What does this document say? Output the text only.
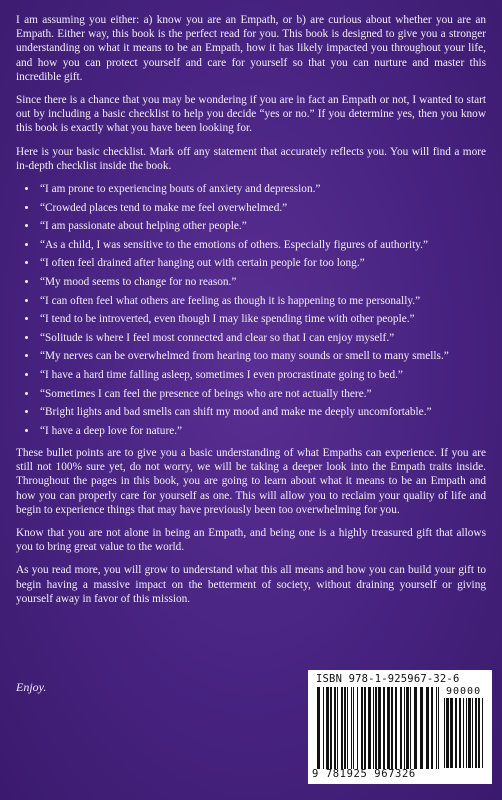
I am assuming you either: a) know you are an Empath, or b) are curious about whether you are an Empath. Either way, this book is the perfect read for you. This book is designed to give you a stronger understanding on what it means to be an Empath, how it has likely impacted you throughout your life, and how you can protect yourself and care for yourself so that you can nurture and master this incredible gift.

Since there is a chance that you may be wondering if you are in fact an Empath or not, I wanted to start out by including a basic checklist to help you decide “yes or no.” If you determine yes, then you know this book is exactly what you have been looking for.

Here is your basic checklist. Mark off any statement that accurately reflects you. You will find a more in-depth checklist inside the book.

• “I am prone to experiencing bouts of anxiety and depression.”
• “Crowded places tend to make me feel overwhelmed.”
• “I am passionate about helping other people.”
• “As a child, I was sensitive to the emotions of others. Especially figures of authority.”
• “I often feel drained after hanging out with certain people for too long.”
• “My mood seems to change for no reason.”
• “I can often feel what others are feeling as though it is happening to me personally.”
• “I tend to be introverted, even though I may like spending time with other people.”
• “Solitude is where I feel most connected and clear so that I can enjoy myself.”
• “My nerves can be overwhelmed from hearing too many sounds or smell to many smells.”
• “I have a hard time falling asleep, sometimes I even procrastinate going to bed.”
• “Sometimes I can feel the presence of beings who are not actually there.”
• “Bright lights and bad smells can shift my mood and make me deeply uncomfortable.”
• “I have a deep love for nature.”

These bullet points are to give you a basic understanding of what Empaths can experience. If you are still not 100% sure yet, do not worry, we will be taking a deeper look into the Empath traits inside. Throughout the pages in this book, you are going to learn about what it means to be an Empath and how you can properly care for yourself as one. This will allow you to reclaim your quality of life and begin to experience things that may have previously been too overwhelming for you.

Know that you are not alone in being an Empath, and being one is a highly treasured gift that allows you to bring great value to the world.

As you read more, you will grow to understand what this all means and how you can build your gift to begin having a massive impact on the betterment of society, without draining yourself or giving yourself away in favor of this mission.

Enjoy.
ISBN 978-1-925967-32-6
90000
9 781925 967326
